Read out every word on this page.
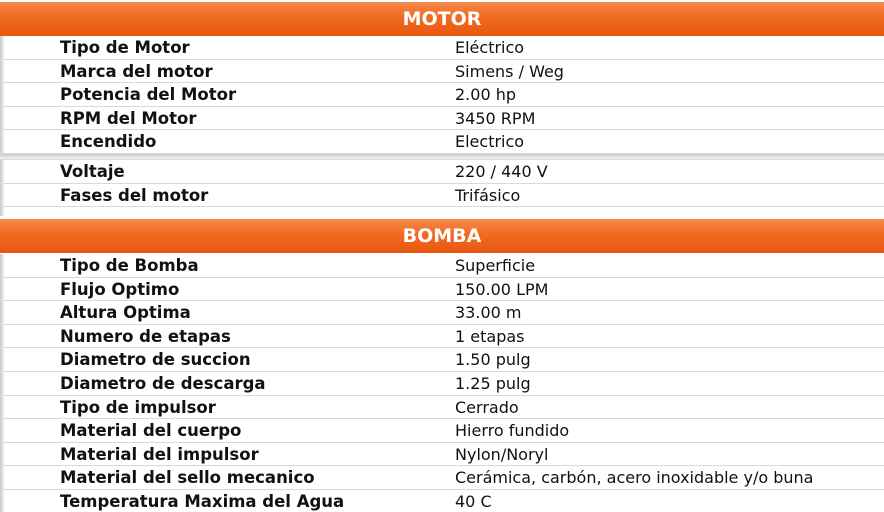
MOTOR
Tipo de Motor	Eléctrico
Marca del motor	Simens / Weg
Potencia del Motor	2.00 hp
RPM del Motor	3450 RPM
Encendido	Electrico
Voltaje	220 / 440 V
Fases del motor	Trifásico
BOMBA
Tipo de Bomba	Superficie
Flujo Optimo	150.00 LPM
Altura Optima	33.00 m
Numero de etapas	1 etapas
Diametro de succion	1.50 pulg
Diametro de descarga	1.25 pulg
Tipo de impulsor	Cerrado
Material del cuerpo	Hierro fundido
Material del impulsor	Nylon/Noryl
Material del sello mecanico	Cerámica, carbón, acero inoxidable y/o buna
Temperatura Maxima del Agua	40 C
